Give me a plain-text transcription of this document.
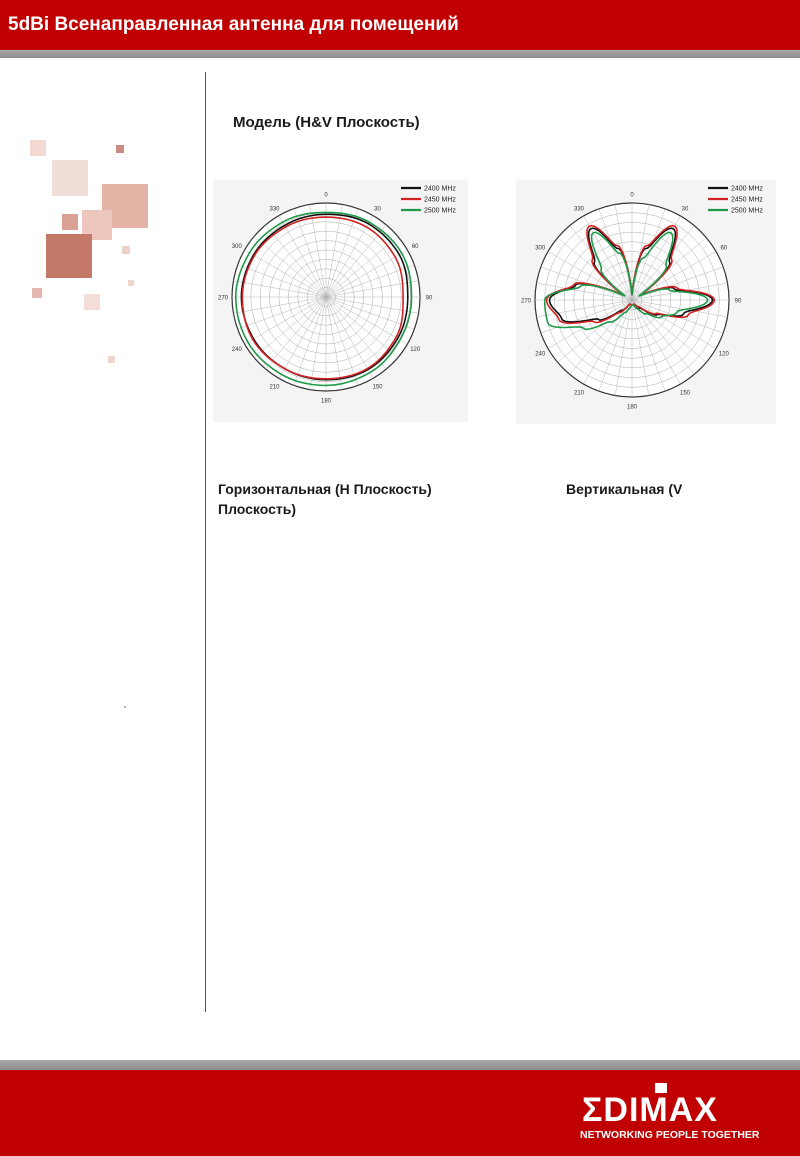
5dBi Всенаправленная антенна для помещений
Модель (H&V Плоскость)
0
30
60
90
120
150
180
210
240
270
300
330
2400 MHz
2450 MHz
2500 MHz
0
30
60
90
120
150
180
210
240
270
300
330
2400 MHz
2450 MHz
2500 MHz
Горизонтальная (H Плоскость)	Вертикальная (V
Плоскость)
ΣDIMAX
NETWORKING PEOPLE TOGETHER
